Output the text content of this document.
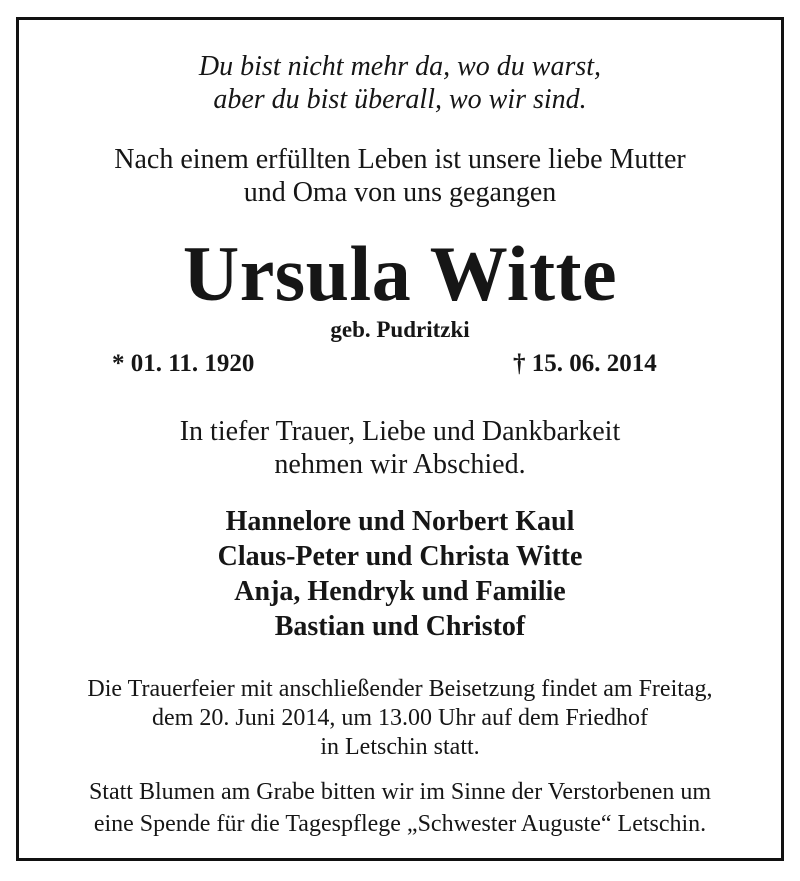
Du bist nicht mehr da, wo du warst,
aber du bist überall, wo wir sind.
Nach einem erfüllten Leben ist unsere liebe Mutter
und Oma von uns gegangen
Ursula Witte
geb. Pudritzki
* 01. 11. 1920	† 15. 06. 2014
In tiefer Trauer, Liebe und Dankbarkeit
nehmen wir Abschied.
Hannelore und Norbert Kaul
Claus-Peter und Christa Witte
Anja, Hendryk und Familie
Bastian und Christof
Die Trauerfeier mit anschließender Beisetzung findet am Freitag,
dem 20. Juni 2014, um 13.00 Uhr auf dem Friedhof
in Letschin statt.
Statt Blumen am Grabe bitten wir im Sinne der Verstorbenen um
eine Spende für die Tagespflege „Schwester Auguste“ Letschin.
